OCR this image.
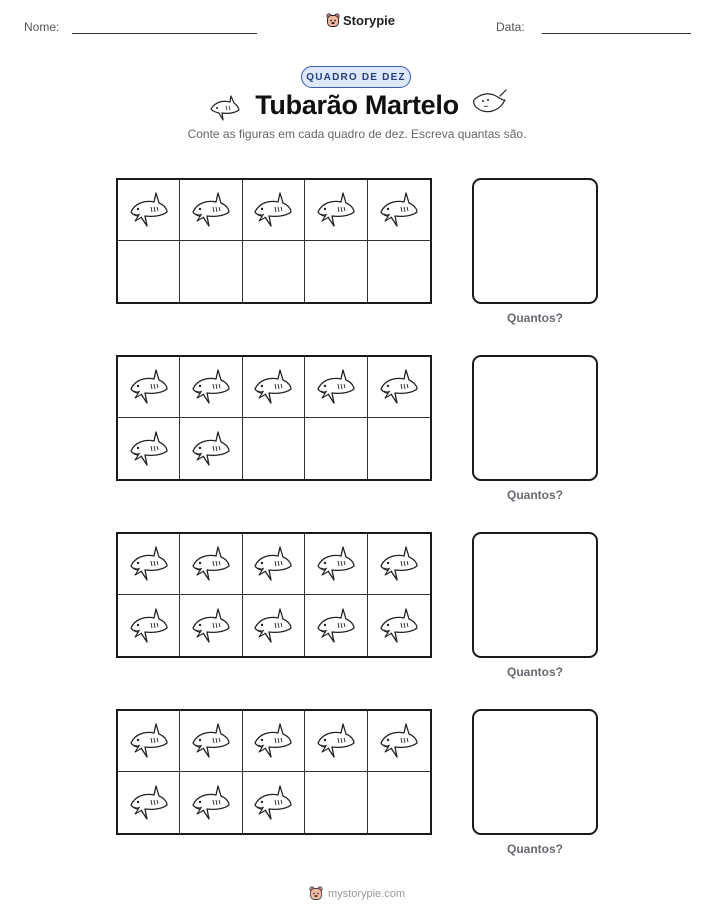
Nome:	Storypie	Data:
QUADRO DE DEZ
Tubarão Martelo
Conte as figuras em cada quadro de dez. Escreva quantas são.
Quantos?
Quantos?
Quantos?
Quantos?
mystorypie.com
